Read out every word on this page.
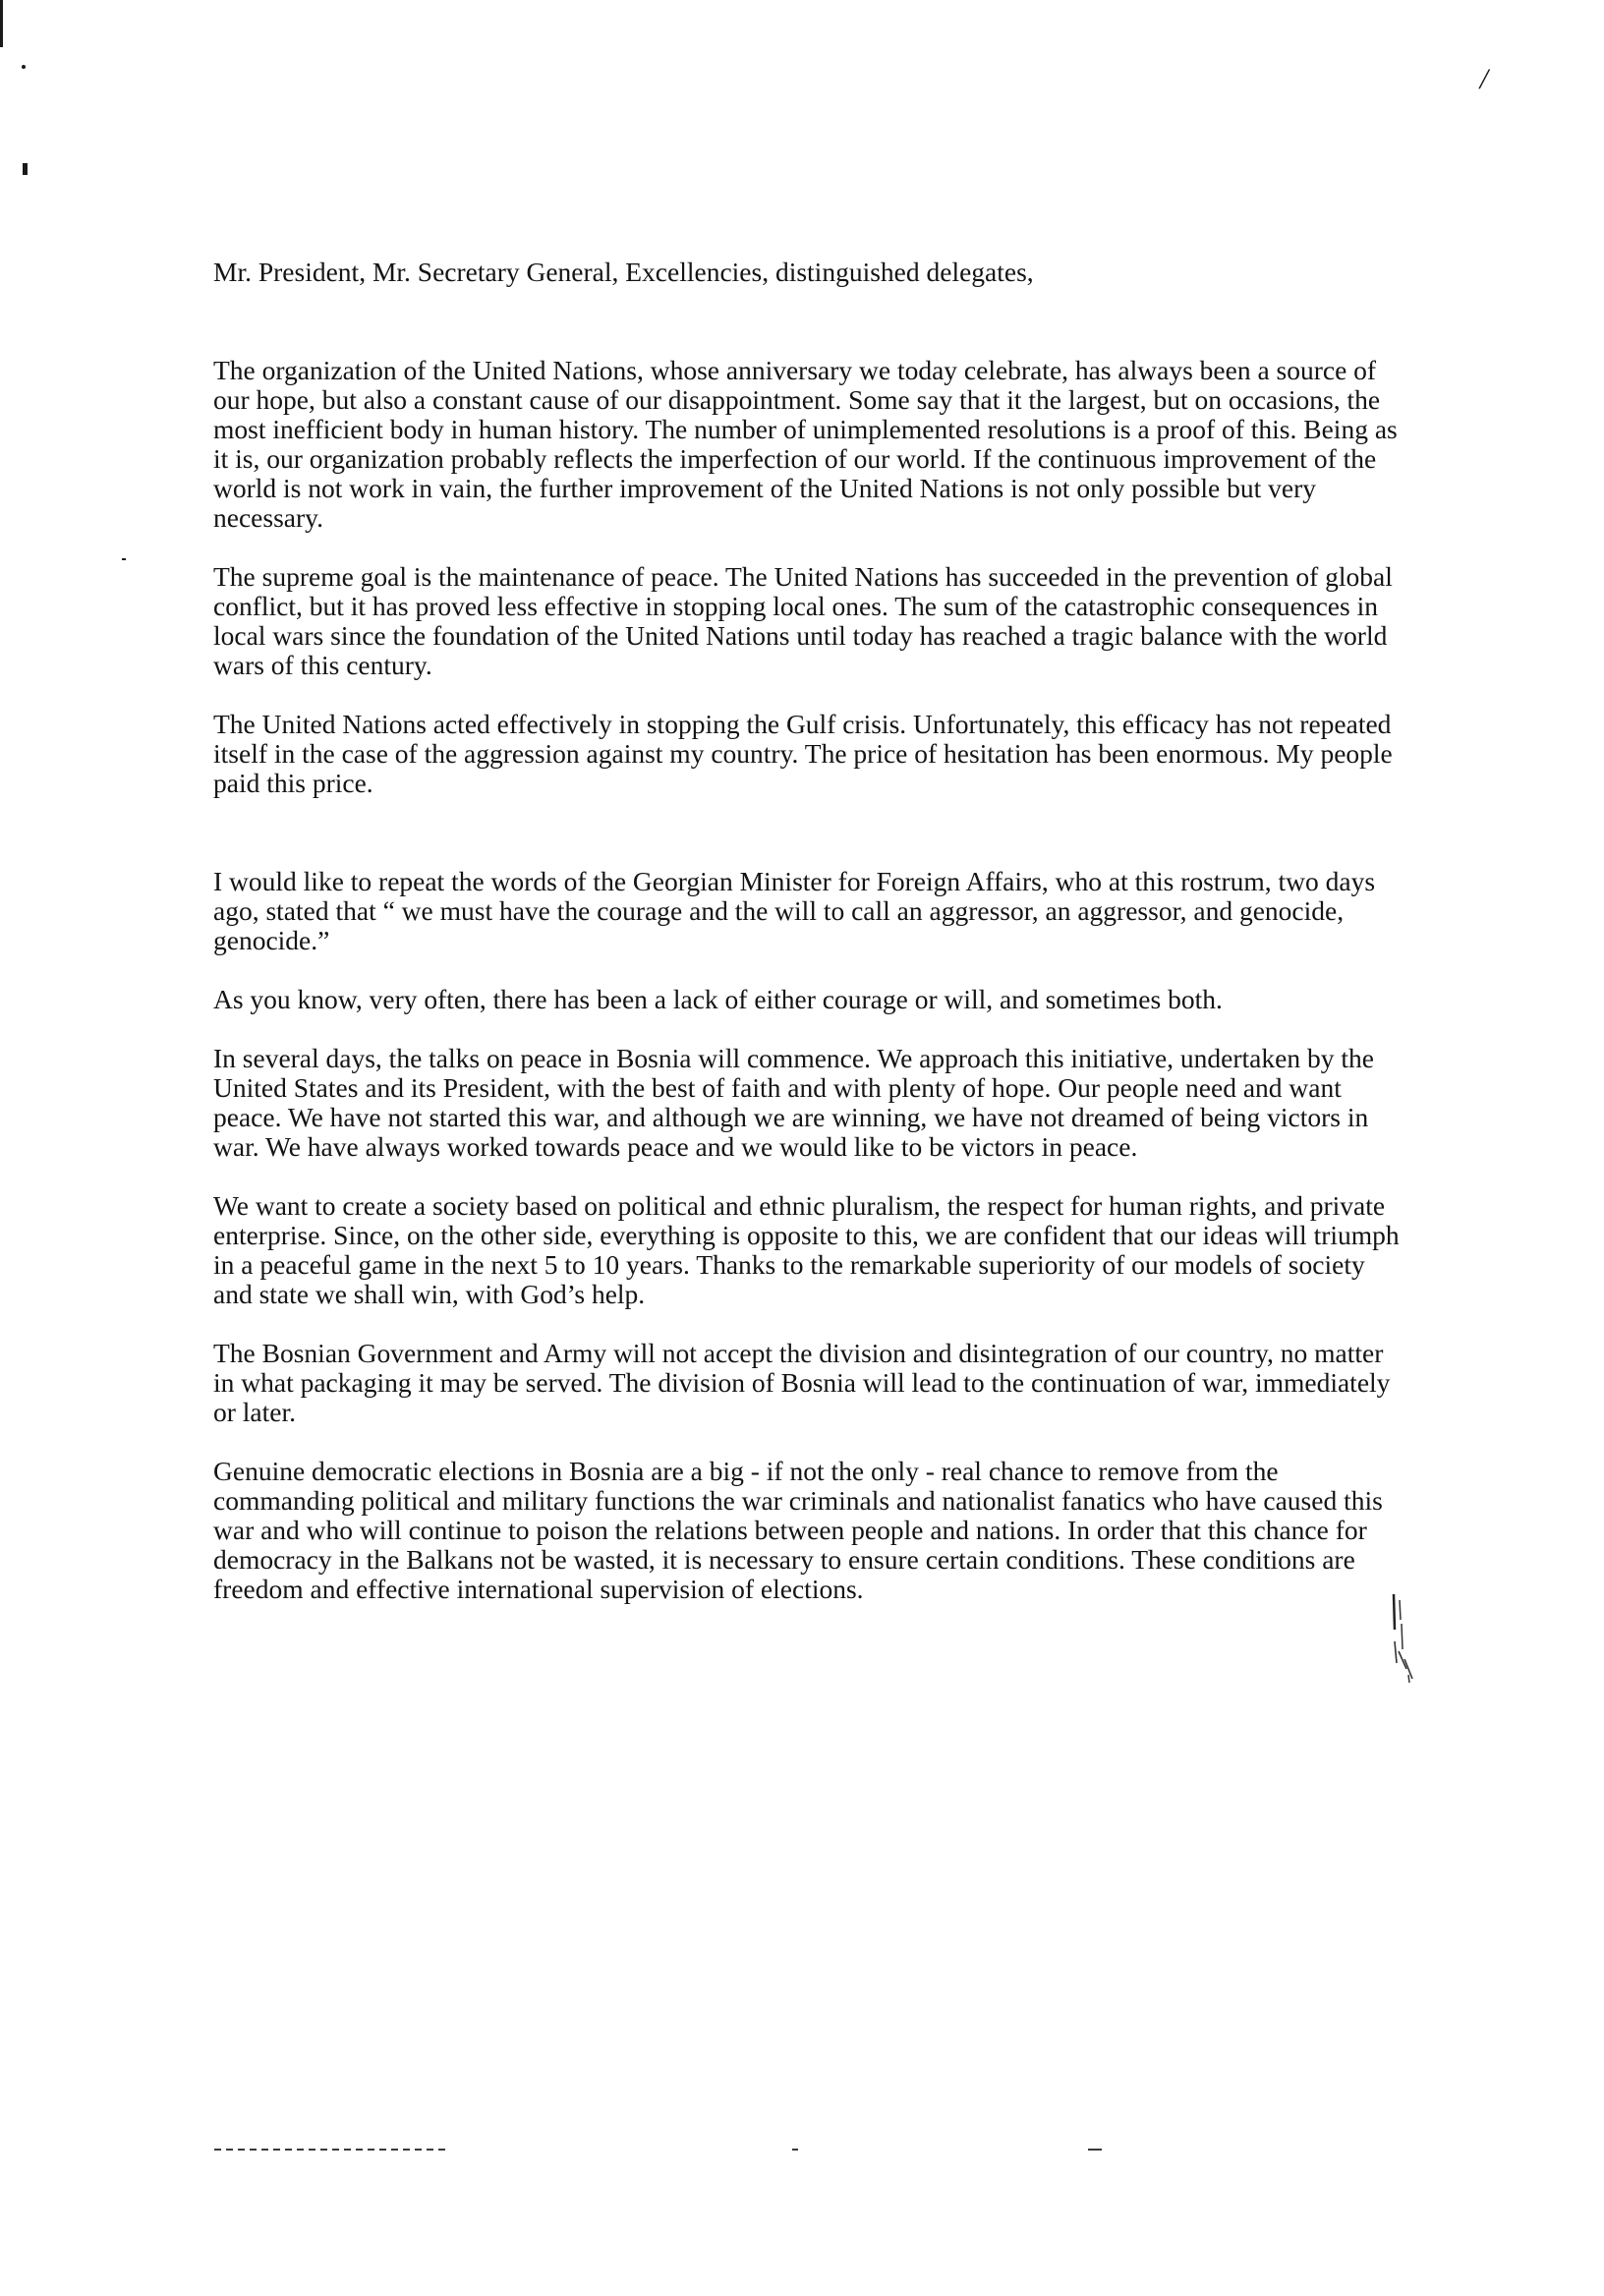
/

Mr. President, Mr. Secretary General, Excellencies, distinguished delegates,

The organization of the United Nations, whose anniversary we today celebrate, has always been a source of our hope, but also a constant cause of our disappointment. Some say that it the largest, but on occasions, the most inefficient body in human history. The number of unimplemented resolutions is a proof of this. Being as it is, our organization probably reflects the imperfection of our world. If the continuous improvement of the world is not work in vain, the further improvement of the United Nations is not only possible but very necessary.

The supreme goal is the maintenance of peace. The United Nations has succeeded in the prevention of global conflict, but it has proved less effective in stopping local ones. The sum of the catastrophic consequences in local wars since the foundation of the United Nations until today has reached a tragic balance with the world wars of this century.

The United Nations acted effectively in stopping the Gulf crisis. Unfortunately, this efficacy has not repeated itself in the case of the aggression against my country. The price of hesitation has been enormous. My people paid this price.

I would like to repeat the words of the Georgian Minister for Foreign Affairs, who at this rostrum, two days ago, stated that “ we must have the courage and the will to call an aggressor, an aggressor, and genocide, genocide.”

As you know, very often, there has been a lack of either courage or will, and sometimes both.

In several days, the talks on peace in Bosnia will commence. We approach this initiative, undertaken by the United States and its President, with the best of faith and with plenty of hope. Our people need and want peace. We have not started this war, and although we are winning, we have not dreamed of being victors in war. We have always worked towards peace and we would like to be victors in peace.

We want to create a society based on political and ethnic pluralism, the respect for human rights, and private enterprise. Since, on the other side, everything is opposite to this, we are confident that our ideas will triumph in a peaceful game in the next 5 to 10 years. Thanks to the remarkable superiority of our models of society and state we shall win, with God’s help.

The Bosnian Government and Army will not accept the division and disintegration of our country, no matter in what packaging it may be served. The division of Bosnia will lead to the continuation of war, immediately or later.

Genuine democratic elections in Bosnia are a big - if not the only - real chance to remove from the commanding political and military functions the war criminals and nationalist fanatics who have caused this war and who will continue to poison the relations between people and nations. In order that this chance for democracy in the Balkans not be wasted, it is necessary to ensure certain conditions. These conditions are freedom and effective international supervision of elections.
